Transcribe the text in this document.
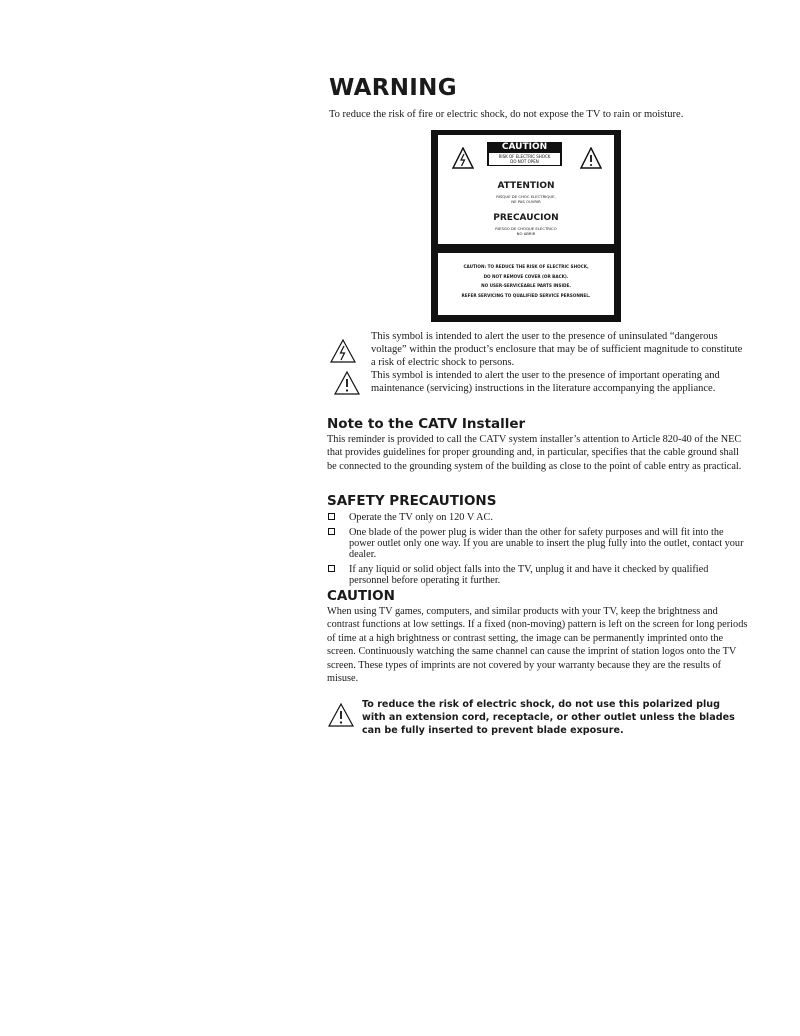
WARNING

To reduce the risk of fire or electric shock, do not expose the TV to rain or moisture.

CAUTION
RISK OF ELECTRIC SHOCK
DO NOT OPEN
ATTENTION
RISQUE DE CHOC ELECTRIQUE,
NE PAS OUVRIR
PRECAUCION
RIESGO DE CHOQUE ELECTRICO
NO ABRIR
CAUTION: TO REDUCE THE RISK OF ELECTRIC SHOCK,
DO NOT REMOVE COVER (OR BACK).
NO USER-SERVICEABLE PARTS INSIDE.
REFER SERVICING TO QUALIFIED SERVICE PERSONNEL.

This symbol is intended to alert the user to the presence of uninsulated “dangerous voltage” within the product’s enclosure that may be of sufficient magnitude to constitute a risk of electric shock to persons.

This symbol is intended to alert the user to the presence of important operating and maintenance (servicing) instructions in the literature accompanying the appliance.

Note to the CATV Installer

This reminder is provided to call the CATV system installer’s attention to Article 820-40 of the NEC that provides guidelines for proper grounding and, in particular, specifies that the cable ground shall be connected to the grounding system of the building as close to the point of cable entry as practical.

SAFETY PRECAUTIONS
Operate the TV only on 120 V AC.
One blade of the power plug is wider than the other for safety purposes and will fit into the power outlet only one way. If you are unable to insert the plug fully into the outlet, contact your dealer.
If any liquid or solid object falls into the TV, unplug it and have it checked by qualified personnel before operating it further.
CAUTION

When using TV games, computers, and similar products with your TV, keep the brightness and contrast functions at low settings. If a fixed (non-moving) pattern is left on the screen for long periods of time at a high brightness or contrast setting, the image can be permanently imprinted onto the screen. Continuously watching the same channel can cause the imprint of station logos onto the TV screen. These types of imprints are not covered by your warranty because they are the results of misuse.

To reduce the risk of electric shock, do not use this polarized plug with an extension cord, receptacle, or other outlet unless the blades can be fully inserted to prevent blade exposure.
